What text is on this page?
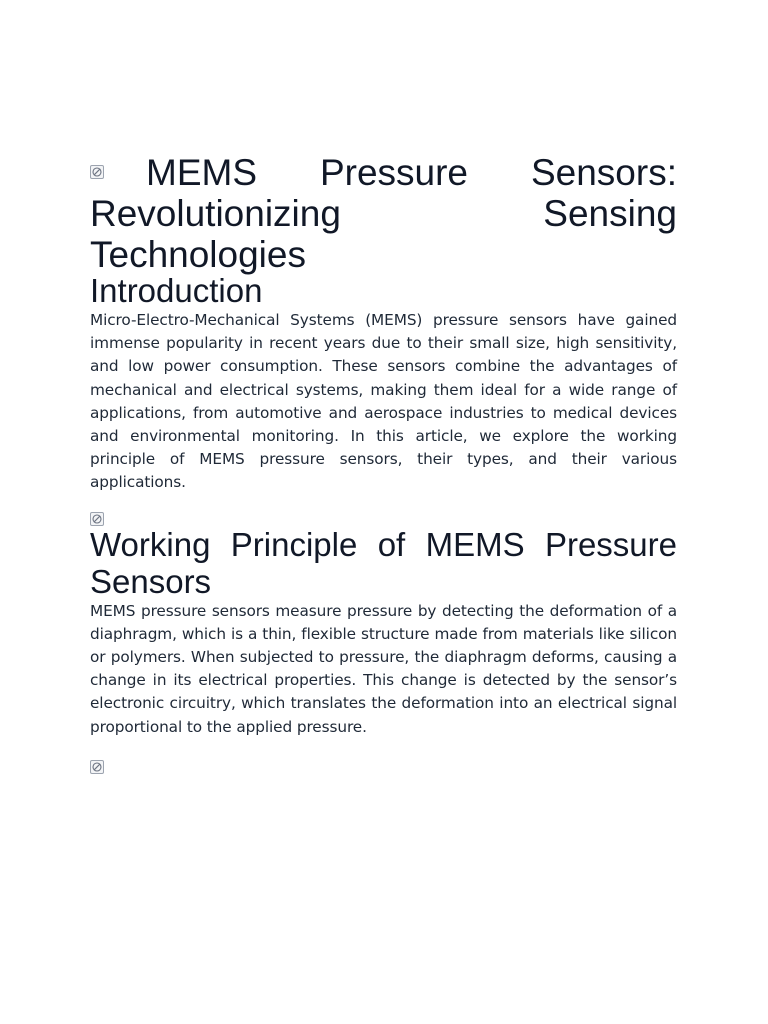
MEMS Pressure Sensors: Revolutionizing Sensing Technologies
Introduction

Micro-Electro-Mechanical Systems (MEMS) pressure sensors have gained immense popularity in recent years due to their small size, high sensitivity, and low power consumption. These sensors combine the advantages of mechanical and electrical systems, making them ideal for a wide range of applications, from automotive and aerospace industries to medical devices and environmental monitoring. In this article, we explore the working principle of MEMS pressure sensors, their types, and their various applications.

Working Principle of MEMS Pressure Sensors

MEMS pressure sensors measure pressure by detecting the deformation of a diaphragm, which is a thin, flexible structure made from materials like silicon or polymers. When subjected to pressure, the diaphragm deforms, causing a change in its electrical properties. This change is detected by the sensor’s electronic circuitry, which translates the deformation into an electrical signal proportional to the applied pressure.
